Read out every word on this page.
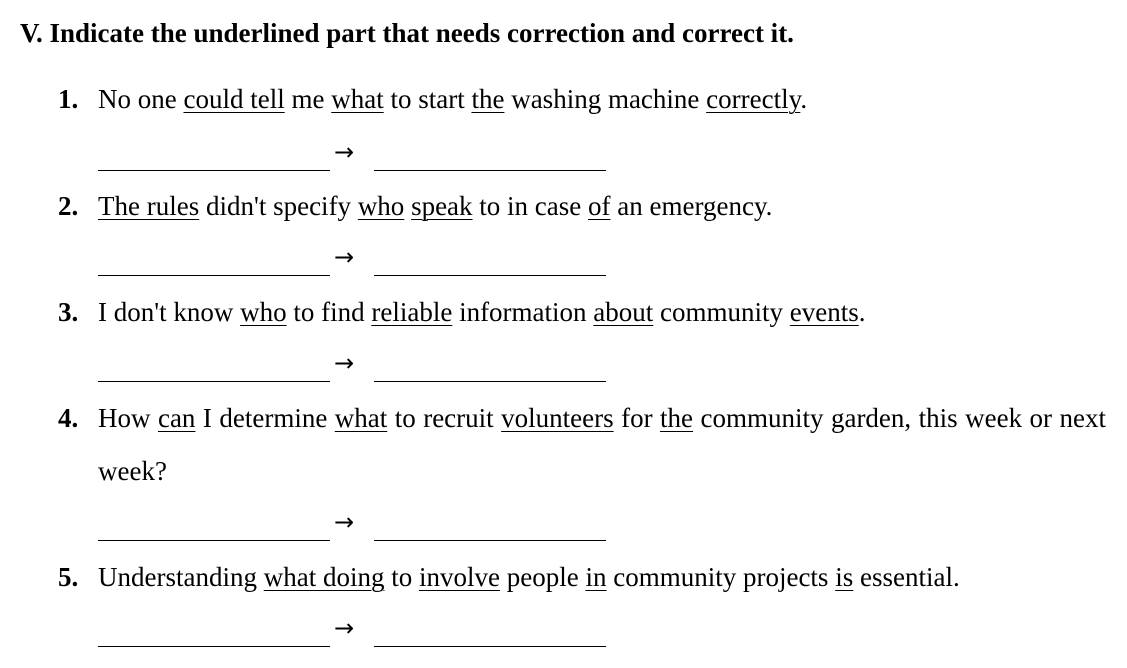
V. Indicate the underlined part that needs correction and correct it.
1. No one could tell me what to start the washing machine correctly.
→
2. The rules didn't specify who speak to in case of an emergency.
→
3. I don't know who to find reliable information about community events.
→
4. How can I determine what to recruit volunteers for the community garden, this week or next week?
→
5. Understanding what doing to involve people in community projects is essential.
→
